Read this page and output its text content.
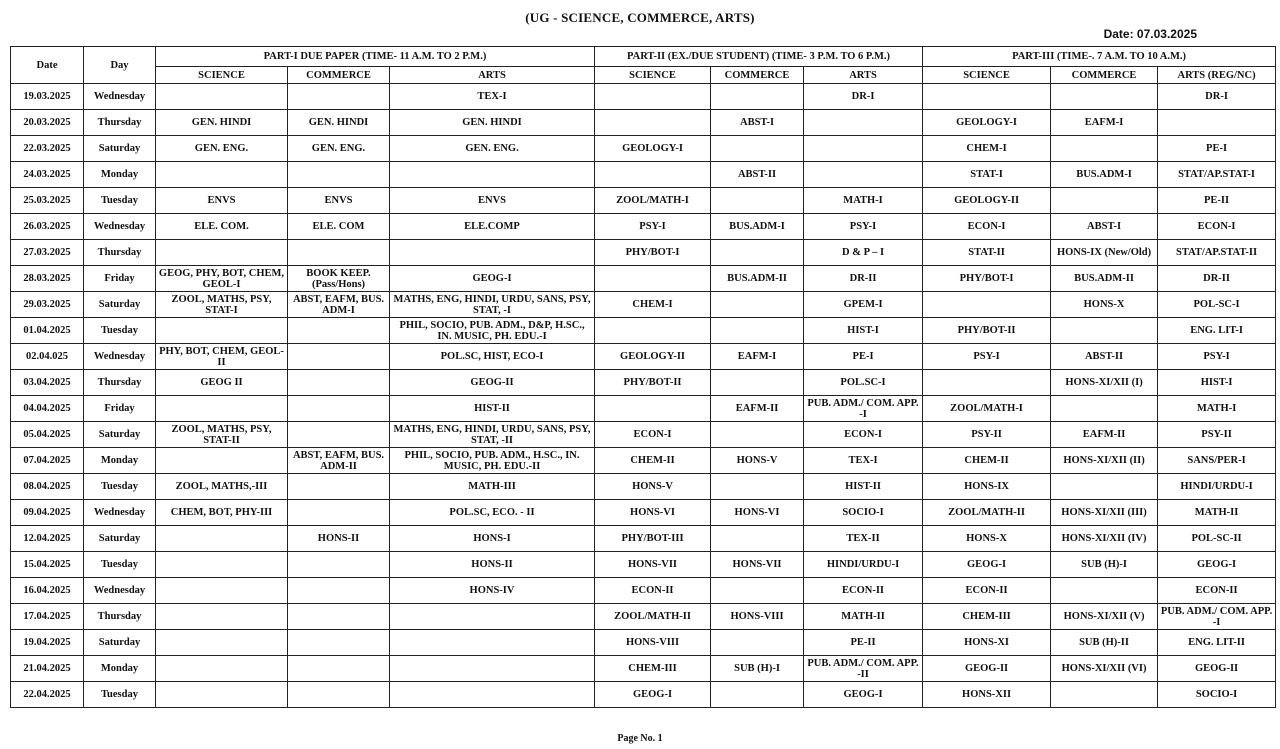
(UG - SCIENCE, COMMERCE, ARTS)
Date: 07.03.2025
Date	Day	PART-I DUE PAPER (TIME- 11 A.M. TO 2 P.M.)			PART-II (EX./DUE STUDENT) (TIME- 3 P.M. TO 6 P.M.)			PART-III (TIME-. 7 A.M. TO 10 A.M.)		
		SCIENCE	COMMERCE	ARTS	SCIENCE	COMMERCE	ARTS	SCIENCE	COMMERCE	ARTS (REG/NC)
19.03.2025	Wednesday			TEX-I			DR-I			DR-I
20.03.2025	Thursday	GEN. HINDI	GEN. HINDI	GEN. HINDI		ABST-I		GEOLOGY-I	EAFM-I	
22.03.2025	Saturday	GEN. ENG.	GEN. ENG.	GEN. ENG.	GEOLOGY-I			CHEM-I		PE-I
24.03.2025	Monday					ABST-II		STAT-I	BUS.ADM-I	STAT/AP.STAT-I
25.03.2025	Tuesday	ENVS	ENVS	ENVS	ZOOL/MATH-I		MATH-I	GEOLOGY-II		PE-II
26.03.2025	Wednesday	ELE. COM.	ELE. COM	ELE.COMP	PSY-I	BUS.ADM-I	PSY-I	ECON-I	ABST-I	ECON-I
27.03.2025	Thursday				PHY/BOT-I		D & P – I	STAT-II	HONS-IX (New/Old)	STAT/AP.STAT-II
28.03.2025	Friday	GEOG, PHY, BOT, CHEM, GEOL-I	BOOK KEEP. (Pass/Hons)	GEOG-I		BUS.ADM-II	DR-II	PHY/BOT-I	BUS.ADM-II	DR-II
29.03.2025	Saturday	ZOOL, MATHS, PSY, STAT-I	ABST, EAFM, BUS. ADM-I	MATHS, ENG, HINDI, URDU, SANS, PSY, STAT, -I	CHEM-I		GPEM-I		HONS-X	POL-SC-I
01.04.2025	Tuesday			PHIL, SOCIO, PUB. ADM., D&P, H.SC., IN. MUSIC, PH. EDU.-I			HIST-I	PHY/BOT-II		ENG. LIT-I
02.04.025	Wednesday	PHY, BOT, CHEM, GEOL-II		POL.SC, HIST, ECO-I	GEOLOGY-II	EAFM-I	PE-I	PSY-I	ABST-II	PSY-I
03.04.2025	Thursday	GEOG II		GEOG-II	PHY/BOT-II		POL.SC-I		HONS-XI/XII (I)	HIST-I
04.04.2025	Friday			HIST-II		EAFM-II	PUB. ADM./ COM. APP. -I	ZOOL/MATH-I		MATH-I
05.04.2025	Saturday	ZOOL, MATHS, PSY, STAT-II		MATHS, ENG, HINDI, URDU, SANS, PSY, STAT, -II	ECON-I		ECON-I	PSY-II	EAFM-II	PSY-II
07.04.2025	Monday		ABST, EAFM, BUS. ADM-II	PHIL, SOCIO, PUB. ADM., H.SC., IN. MUSIC, PH. EDU.-II	CHEM-II	HONS-V	TEX-I	CHEM-II	HONS-XI/XII (II)	SANS/PER-I
08.04.2025	Tuesday	ZOOL, MATHS,-III		MATH-III	HONS-V		HIST-II	HONS-IX		HINDI/URDU-I
09.04.2025	Wednesday	CHEM, BOT, PHY-III		POL.SC, ECO. - II	HONS-VI	HONS-VI	SOCIO-I	ZOOL/MATH-II	HONS-XI/XII (III)	MATH-II
12.04.2025	Saturday		HONS-II	HONS-I	PHY/BOT-III		TEX-II	HONS-X	HONS-XI/XII (IV)	POL-SC-II
15.04.2025	Tuesday			HONS-II	HONS-VII	HONS-VII	HINDI/URDU-I	GEOG-I	SUB (H)-I	GEOG-I
16.04.2025	Wednesday			HONS-IV	ECON-II		ECON-II	ECON-II		ECON-II
17.04.2025	Thursday				ZOOL/MATH-II	HONS-VIII	MATH-II	CHEM-III	HONS-XI/XII (V)	PUB. ADM./ COM. APP. -I
19.04.2025	Saturday				HONS-VIII		PE-II	HONS-XI	SUB (H)-II	ENG. LIT-II
21.04.2025	Monday				CHEM-III	SUB (H)-I	PUB. ADM./ COM. APP. -II	GEOG-II	HONS-XI/XII (VI)	GEOG-II
22.04.2025	Tuesday				GEOG-I		GEOG-I	HONS-XII		SOCIO-I
Page No. 1
